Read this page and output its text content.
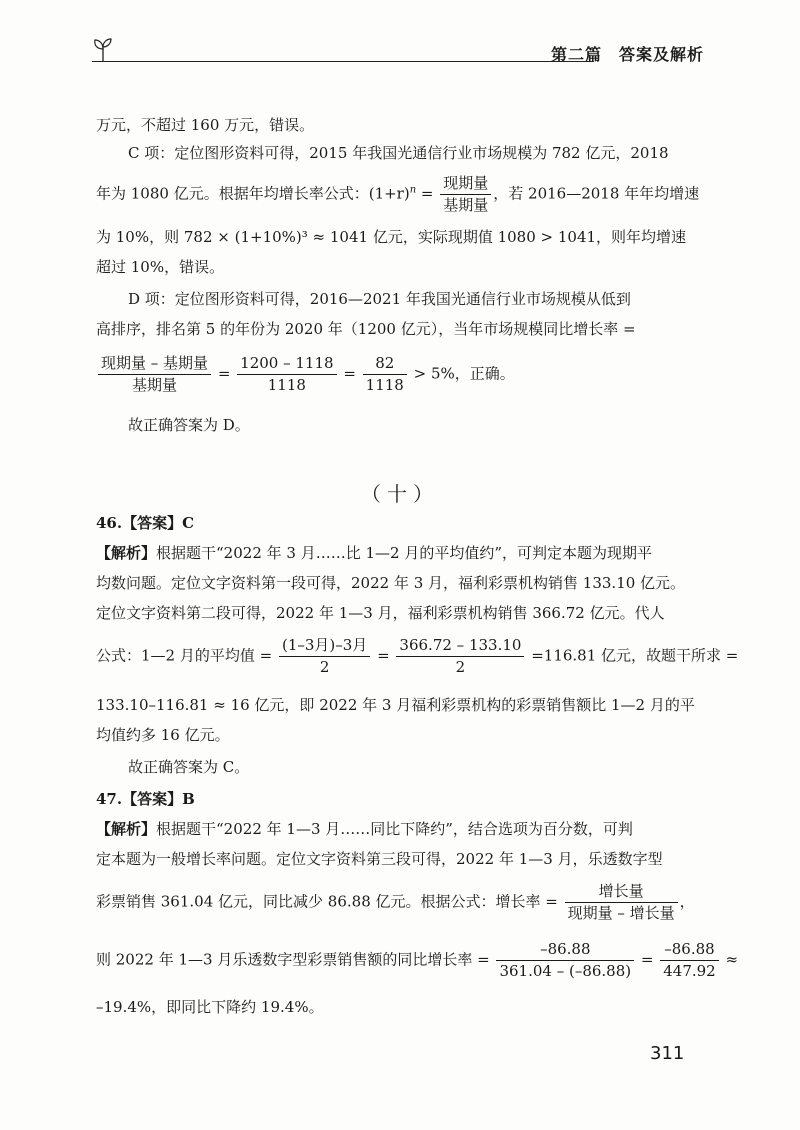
第二篇　答案及解析
万元，不超过 160 万元，错误。
C 项：定位图形资料可得，2015 年我国光通信行业市场规模为 782 亿元，2018
年为 1080 亿元。根据年均增长率公式：$(1+r)^n = \frac{\text{现期量}}{\text{基期量}}$ ，若 2016—2018 年年均增速
为 10%，则 782 × (1+10%)³ ≈ 1041 亿元，实际现期值 1080 > 1041，则年均增速
超过 10%，错误。
D 项：定位图形资料可得，2016—2021 年我国光通信行业市场规模从低到
高排序，排名第 5 的年份为 2020 年（1200 亿元），当年市场规模同比增长率 =
$\frac{\text{现期量 – 基期量}}{\text{基期量}} = \frac{1200 - 1118}{1118} = \frac{82}{1118} > 5\%$，正确。
故正确答案为 D。
（十）
46.【答案】C
【解析】根据题干“2022 年 3 月……比 1—2 月的平均值约”，可判定本题为现期平
均数问题。定位文字资料第一段可得，2022 年 3 月，福利彩票机构销售 133.10 亿元。
定位文字资料第二段可得，2022 年 1—3 月，福利彩票机构销售 366.72 亿元。代人
公式：1—2 月的平均值 = $\frac{\text{(1–3月)–3月}}{2} = \frac{366.72 - 133.10}{2} =116.81$ 亿元，故题干所求 =
133.10–116.81 ≈ 16 亿元，即 2022 年 3 月福利彩票机构的彩票销售额比 1—2 月的平
均值约多 16 亿元。
故正确答案为 C。
47.【答案】B
【解析】根据题干“2022 年 1—3 月……同比下降约”，结合选项为百分数，可判
定本题为一般增长率问题。定位文字资料第三段可得，2022 年 1—3 月，乐透数字型
彩票销售 361.04 亿元，同比减少 86.88 亿元。根据公式：增长率 = $\frac{\text{增长量}}{\text{现期量 – 增长量}}$ ，
则 2022 年 1—3 月乐透数字型彩票销售额的同比增长率 = $\frac{-86.88}{361.04 - (-86.88)} = \frac{-86.88}{447.92}$ ≈
–19.4%，即同比下降约 19.4%。
311
